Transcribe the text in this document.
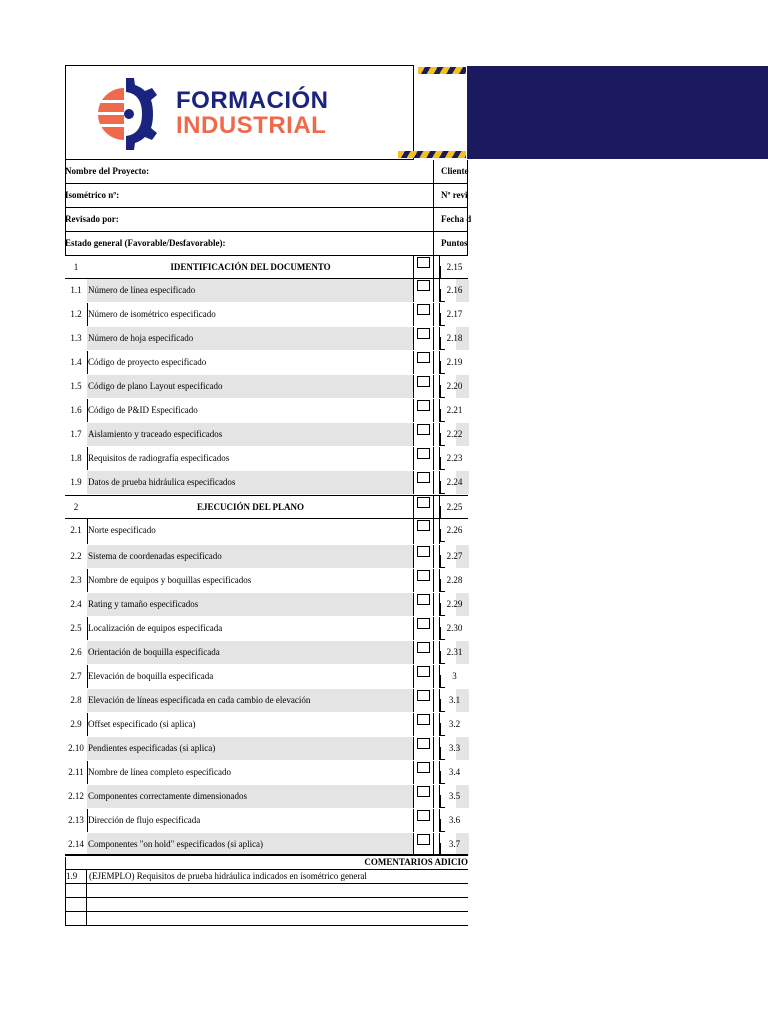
FORMACIÓN
INDUSTRIAL
Nombre del Proyecto:	Cliente
Isométrico nº:	Nº revi
Revisado por:	Fecha d
Estado general (Favorable/Desfavorable):	Puntos
1	IDENTIFICACIÓN DEL DOCUMENTO	2.15
1.1 Número de línea especificado	2.16
1.2 Número de isométrico especificado	2.17
1.3 Número de hoja especificado	2.18
1.4 Código de proyecto especificado	2.19
1.5 Código de plano Layout especificado	2.20
1.6 Código de P&ID Especificado	2.21
1.7 Aislamiento y traceado especificados	2.22
1.8 Requisitos de radiografía especificados	2.23
1.9 Datos de prueba hidráulica especificados	2.24
2	EJECUCIÓN DEL PLANO	2.25
2.1 Norte especificado	2.26
2.2 Sistema de coordenadas especificado	2.27
2.3 Nombre de equipos y boquillas especificados	2.28
2.4 Rating y tamaño especificados	2.29
2.5 Localización de equipos especificada	2.30
2.6 Orientación de boquilla especificada	2.31
2.7 Elevación de boquilla especificada	3
2.8 Elevación de líneas especificada en cada cambio de elevación	3.1
2.9 Offset especificado (si aplica)	3.2
2.10 Pendientes especificadas (si aplica)	3.3
2.11 Nombre de línea completo especificado	3.4
2.12 Componentes correctamente dimensionados	3.5
2.13 Dirección de flujo especificada	3.6
2.14 Componentes "on hold" especificados (si aplica)	3.7
COMENTARIOS ADICIO
1.9	(EJEMPLO) Requisitos de prueba hidráulica indicados en isométrico general
